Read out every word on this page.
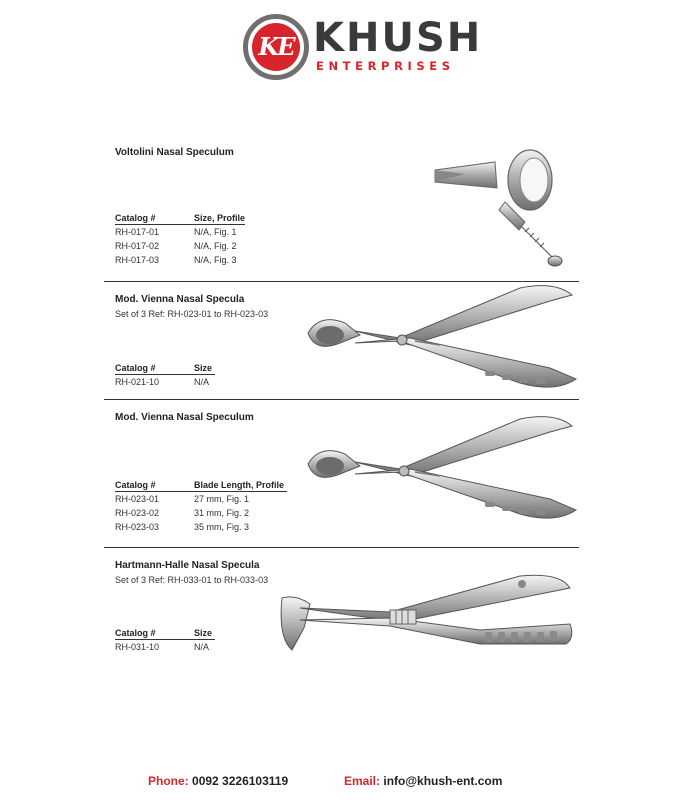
KE KHUSH
ENTERPRISES
Voltolini Nasal Speculum
Catalog #	Size, Profile
RH-017-01	N/A, Fig. 1
RH-017-02	N/A, Fig. 2
RH-017-03	N/A, Fig. 3
Mod. Vienna Nasal Specula
Set of 3 Ref: RH-023-01 to RH-023-03
Catalog #	Size
RH-021-10	N/A
Mod. Vienna Nasal Speculum
Catalog #	Blade Length, Profile
RH-023-01	27 mm, Fig. 1
RH-023-02	31 mm, Fig. 2
RH-023-03	35 mm, Fig. 3
Hartmann-Halle Nasal Specula
Set of 3 Ref: RH-033-01 to RH-033-03
Catalog #	Size
RH-031-10	N/A
Phone: 0092 3226103119	Email: info@khush-ent.com
